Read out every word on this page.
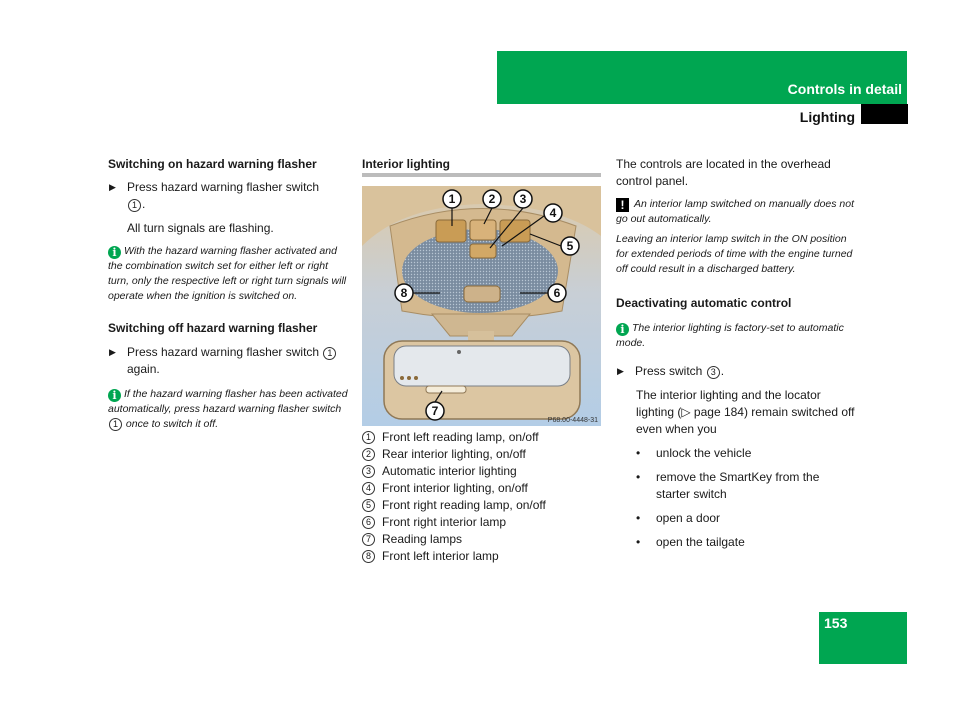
Controls in detail
Lighting

Switching on hazard warning flasher

▶ Press hazard warning flasher switch
1 .

All turn signals are flashing.

i With the hazard warning flasher activated and the combination switch set for either left or right turn, only the respective left or right turn signals will operate when the ignition is switched on.

Switching off hazard warning flasher

▶ Press hazard warning flasher switch 1
again.

i If the hazard warning flasher has been activated automatically, press hazard warning flasher switch 1 once to switch it off.

Interior lighting
1	2 3
4
5
6
7
8
P68.00-4448-31
1 Front left reading lamp, on/off
2 Rear interior lighting, on/off
3 Automatic interior lighting
4 Front interior lighting, on/off
5 Front right reading lamp, on/off
6 Front right interior lamp
7 Reading lamps
8 Front left interior lamp

The controls are located in the overhead control panel.

! An interior lamp switched on manually does not go out automatically.

Leaving an interior lamp switch in the ON position for extended periods of time with the engine turned off could result in a discharged battery.

Deactivating automatic control

i The interior lighting is factory-set to automatic mode.

▶ Press switch 3 .

The interior lighting and the locator lighting (▷ page 184) remain switched off even when you

• unlock the vehicle

• remove the SmartKey from the starter switch

• open a door

• open the tailgate

153
